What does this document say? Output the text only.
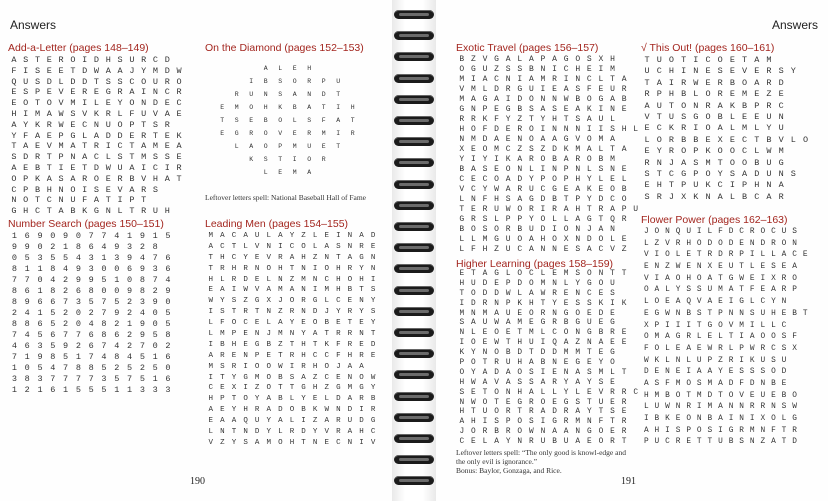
Answers
Add-a-Letter (pages 148–149)
A S T E R O I D H S U R C D
F I S E E T D W A A J Y M D W
Q U S D L D D T S S C O U R O
E S P E V E R E G R A I N C R
E O T O V M I L E Y O N D E C
H I M A W S V K R L F U V A E
A Y K R W E C N U O P T S R
Y F A E P G L A D D E R T E K
T A E V M A T R I C T A M E A
S D R T P N A C L S T M S S E
A E B T I E T D W U A I C I R
O P K A S A R O E R B V H A T
C P B H N O I S E V A R S
N O T C N U F A T I P T
G H C T A B K G N L T R U H
Number Search (pages 150–151)
1 6 9 0 9 0 7 7 4 1 9 1 5
9 9 0 2 1 8 6 4 9 3 2 8
0 5 3 5 5 4 3 1 3 9 4 7 6
8 1 1 8 4 9 3 0 0 6 9 3 6
7 7 0 4 2 9 9 5 1 0 8 7 4
8 6 1 8 2 6 8 0 0 9 8 2 9
8 9 6 6 7 3 5 7 5 2 3 9 0
2 4 1 5 2 0 2 7 9 2 4 0 5
8 8 6 5 2 0 4 8 2 1 9 0 5
7 4 5 6 7 7 6 8 6 2 9 5 8
4 6 3 5 9 2 6 7 4 2 7 0 2
7 1 9 8 5 1 7 4 8 4 5 1 6
1 0 5 4 7 8 8 5 2 5 2 5 0
3 8 3 7 7 7 7 3 5 7 5 1 6
1 2 1 6 1 5 5 5 1 1 3 3 3
On the Diamond (pages 152–153)

A	L	E	H

I	B	S	O	R	P	U

R	U	N	S	A	N	D	T

E	M	O	H	K	B	A	T	I	H
T	S	E	B	O	L	S	F	A	T
E	G	R	O	V	E	R	M	I	R

L	A	O	P	M	U	E	T

K	S	T	I	O	R

L	E	M	A

Leftover letters spell: National Baseball Hall of Fame
Leading Men (pages 154–155)
M A C A U L A Y Z L E I N A D
A C T L V N I C O L A S N R E
T H C Y E V R A H Z N T A G N
T R H R N O H T N I O H R Y N
H L R D E L N Z M N C H O H I
E A I W V A M A N I M H B T S
W Y S Z G X J O R G L C E N Y
I S T R T N Z R N D J Y R Y S
L F O C E L A Y E O B E T E Y
L M P E N J M N Y A T R R N T
I B H E G B Z T H T K F R E D
A R E N P E T R H C C F H R E
M S R I O O W I R H O J A A
I T Y G M O B S A Z C E N O W
C E X I Z O T T G H Z G M G Y
H P T O Y A B L Y E L D A R B
A E Y H R A D O B K W N D I R
E A A Q U Y A L I Z A R U D G
L N T N D Y L R D Y V R A H C
V Z Y S A M O H T N E C N I V
190
Answers
Exotic Travel (pages 156–157)
B Z V G A L A P A G O S X H
O G U Z S S B N I C H E I M
M I A C N I A M R I N C L T A
V M L D R G U I E A S F E U R
M A G A I D O N N W B O G A B
G N P E G B S A S E A K I N E
R R K F Y Z T Y H T S A U L
H O F D E R O I N N N I I S H L
N M D A E N O A A G V O M A
X E O M C Z S Z D K M A L T A
Y I Y I K A R O B A R O B M
B A S E O N L I N P N L S N E
C E C O A D Y P O P H Y L E L
V C Y W A R U C G E A K E O B
L N F H S A G D B T P Y D C O
T E R U W O R I R A H T R A P U
G R S L P P Y O L L A G T Q R
B O S O R B U D I O N J A N
L L M G U O A H O X N D O L E
L F H Z U C A N N E S A C V Z
Higher Learning (pages 158–159)
E T A G L O C L E M S O N T T
H U D E P D O M N L Y G O U
T O D D W L A W R E N C E S
I D R N P K H T Y E S S K I K
M N M A U E O R N G O E D E
S A U W A M E G R B G U E G
N L E O E T M L C O N G B R E
I O E W T H U I Q A Z N A E E
K Y N O B D T D D M M T E G
P O T R U H A B N E G E Y O
O Y A D A O S I E N A S M L T
H W A V A S S A R Y A Y S E
S E T O N H A L L Y L E V R R C
N W O T E G R O E G S T U E R
H T U O R T R A D R A Y T S E
A H I S P O S I G R M N F T R
J O R B R O W N A A N G O E R
C E L A Y N R U B U A E O R T
Leftover letters spell: “The only good is knowl-edge and the only evil is ignorance.”
Bonus: Baylor, Gonzaga, and Rice.
√ This Out! (pages 160–161)
T U O T I C O E T A M
U C H I N E S E V E R S Y
T A I R W E R B O A R D
R P H B L O R E M E Z E
A U T O N R A K B P R C
V T U S G O B L E E U N
E C K R I O A L M L Y U
L O R B B E X E C T B V L O
E Y R O P K O O C L W M
R N J A S M T O O B U G
S T C G P O Y S A D U N S
E H T P U K C I P H N A
S R J X K N A L B C A R
Flower Power (pages 162–163)
J O N Q U I L F D C R O C U S
L Z V R H O D O D E N D R O N
V I O L E T R D R P I L L A C E
E N Z W E N X E U T L E S E A
V I A O H O A T G W E I X R O
O A L Y S S U M A T F E A R P
L O E A Q V A E I G L C Y N
E G W N B S T P N N S U H E B T
X P I I I T G O V M I L L C
O M A G R L E L T I A O O S F
F O L E A E W R L P W R C S X
W K L N L U P Z R I K U S U
D E N E I A A Y E S S S O D
A S F M O S M A D F D N B E
H M B O T M D T O V E U E B O
L U W N R I M A N N R R N S W
I B K E O N B A I N I X O L G
A H I S P O S I G R M N F T R
P U C R E T T U B S N Z A T D
191
